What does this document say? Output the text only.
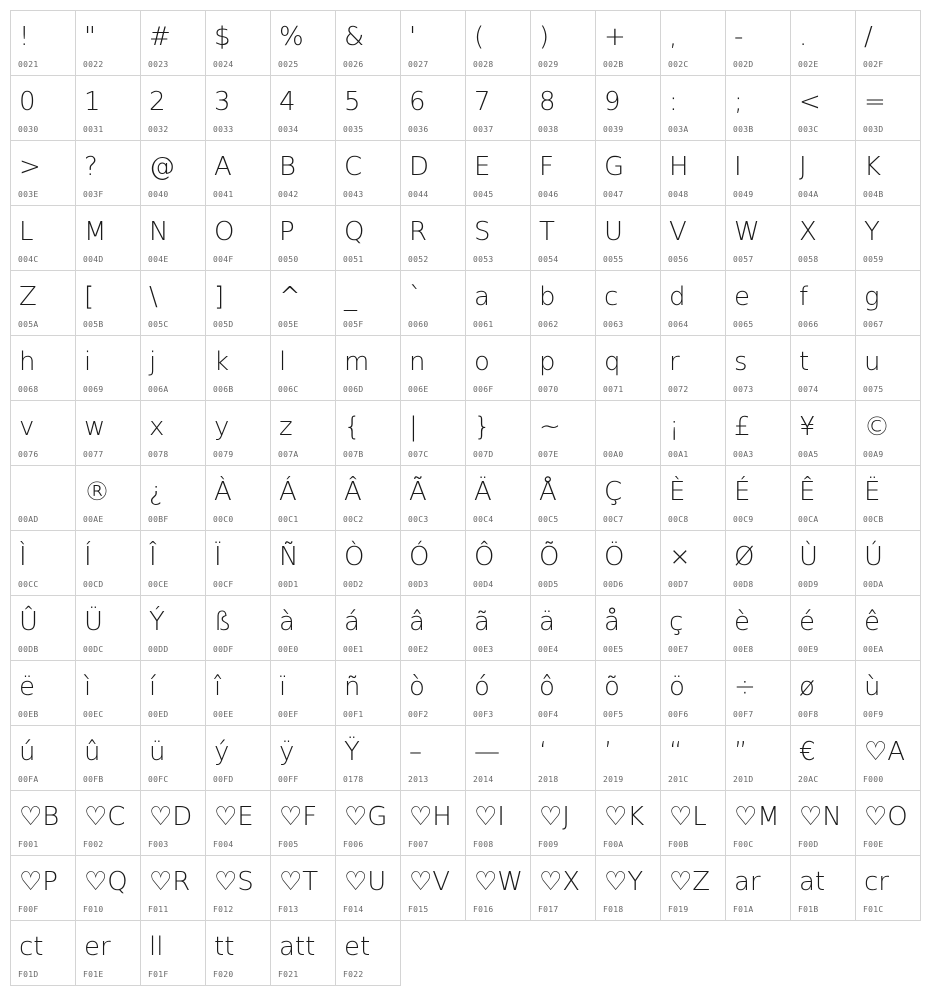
!
0021
"
0022
#
0023
$
0024
%
0025
&
0026
'
0027
(
0028
)
0029
+
002B
,
002C
-
002D
.
002E
/
002F
0
0030
1
0031
2
0032
3
0033
4
0034
5
0035
6
0036
7
0037
8
0038
9
0039
:
003A
;
003B
<
003C
=
003D
>
003E
?
003F
@
0040
A
0041
B
0042
C
0043
D
0044
E
0045
F
0046
G
0047
H
0048
I
0049
J
004A
K
004B
L
004C
M
004D
N
004E
O
004F
P
0050
Q
0051
R
0052
S
0053
T
0054
U
0055
V
0056
W
0057
X
0058
Y
0059
Z
005A
[
005B
\
005C
]
005D
^
005E
_
005F
`
0060
a
0061
b
0062
c
0063
d
0064
e
0065
f
0066
g
0067
h
0068
i
0069
j
006A
k
006B
l
006C
m
006D
n
006E
o
006F
p
0070
q
0071
r
0072
s
0073
t
0074
u
0075
v
0076
w
0077
x
0078
y
0079
z
007A
{
007B
|
007C
}
007D
~
007E	00A0
¡
00A1
£
00A3
¥
00A5
©
00A9
00AD
®
00AE
¿
00BF
À
00C0
Á
00C1
Â
00C2
Ã
00C3
Ä
00C4
Å
00C5
Ç
00C7
È
00C8
É
00C9
Ê
00CA
Ë
00CB
Ì
00CC
Í
00CD
Î
00CE
Ï
00CF
Ñ
00D1
Ò
00D2
Ó
00D3
Ô
00D4
Õ
00D5
Ö
00D6
×
00D7
Ø
00D8
Ù
00D9
Ú
00DA
Û
00DB
Ü
00DC
Ý
00DD
ß
00DF
à
00E0
á
00E1
â
00E2
ã
00E3
ä
00E4
å
00E5
ç
00E7
è
00E8
é
00E9
ê
00EA
ë
00EB
ì
00EC
í
00ED
î
00EE
ï
00EF
ñ
00F1
ò
00F2
ó
00F3
ô
00F4
õ
00F5
ö
00F6
÷
00F7
ø
00F8
ù
00F9
ú
00FA
û
00FB
ü
00FC
ý
00FD
ÿ
00FF
Ÿ
0178
–
2013
—
2014
‘
2018
’
2019
“
201C
”
201D
€
20AC
♡A
F000
♡B
F001
♡C
F002
♡D
F003
♡E
F004
♡F
F005
♡G
F006
♡H
F007
♡I
F008
♡J
F009
♡K
F00A
♡L
F00B
♡M
F00C
♡N
F00D
♡O
F00E
♡P
F00F
♡Q
F010
♡R
F011
♡S
F012
♡T
F013
♡U
F014
♡V
F015
♡W
F016
♡X
F017
♡Y
F018
♡Z
F019
ar
F01A
at
F01B
cr
F01C
ct
F01D
er
F01E
ll
F01F
tt
F020
att
F021
et
F022
